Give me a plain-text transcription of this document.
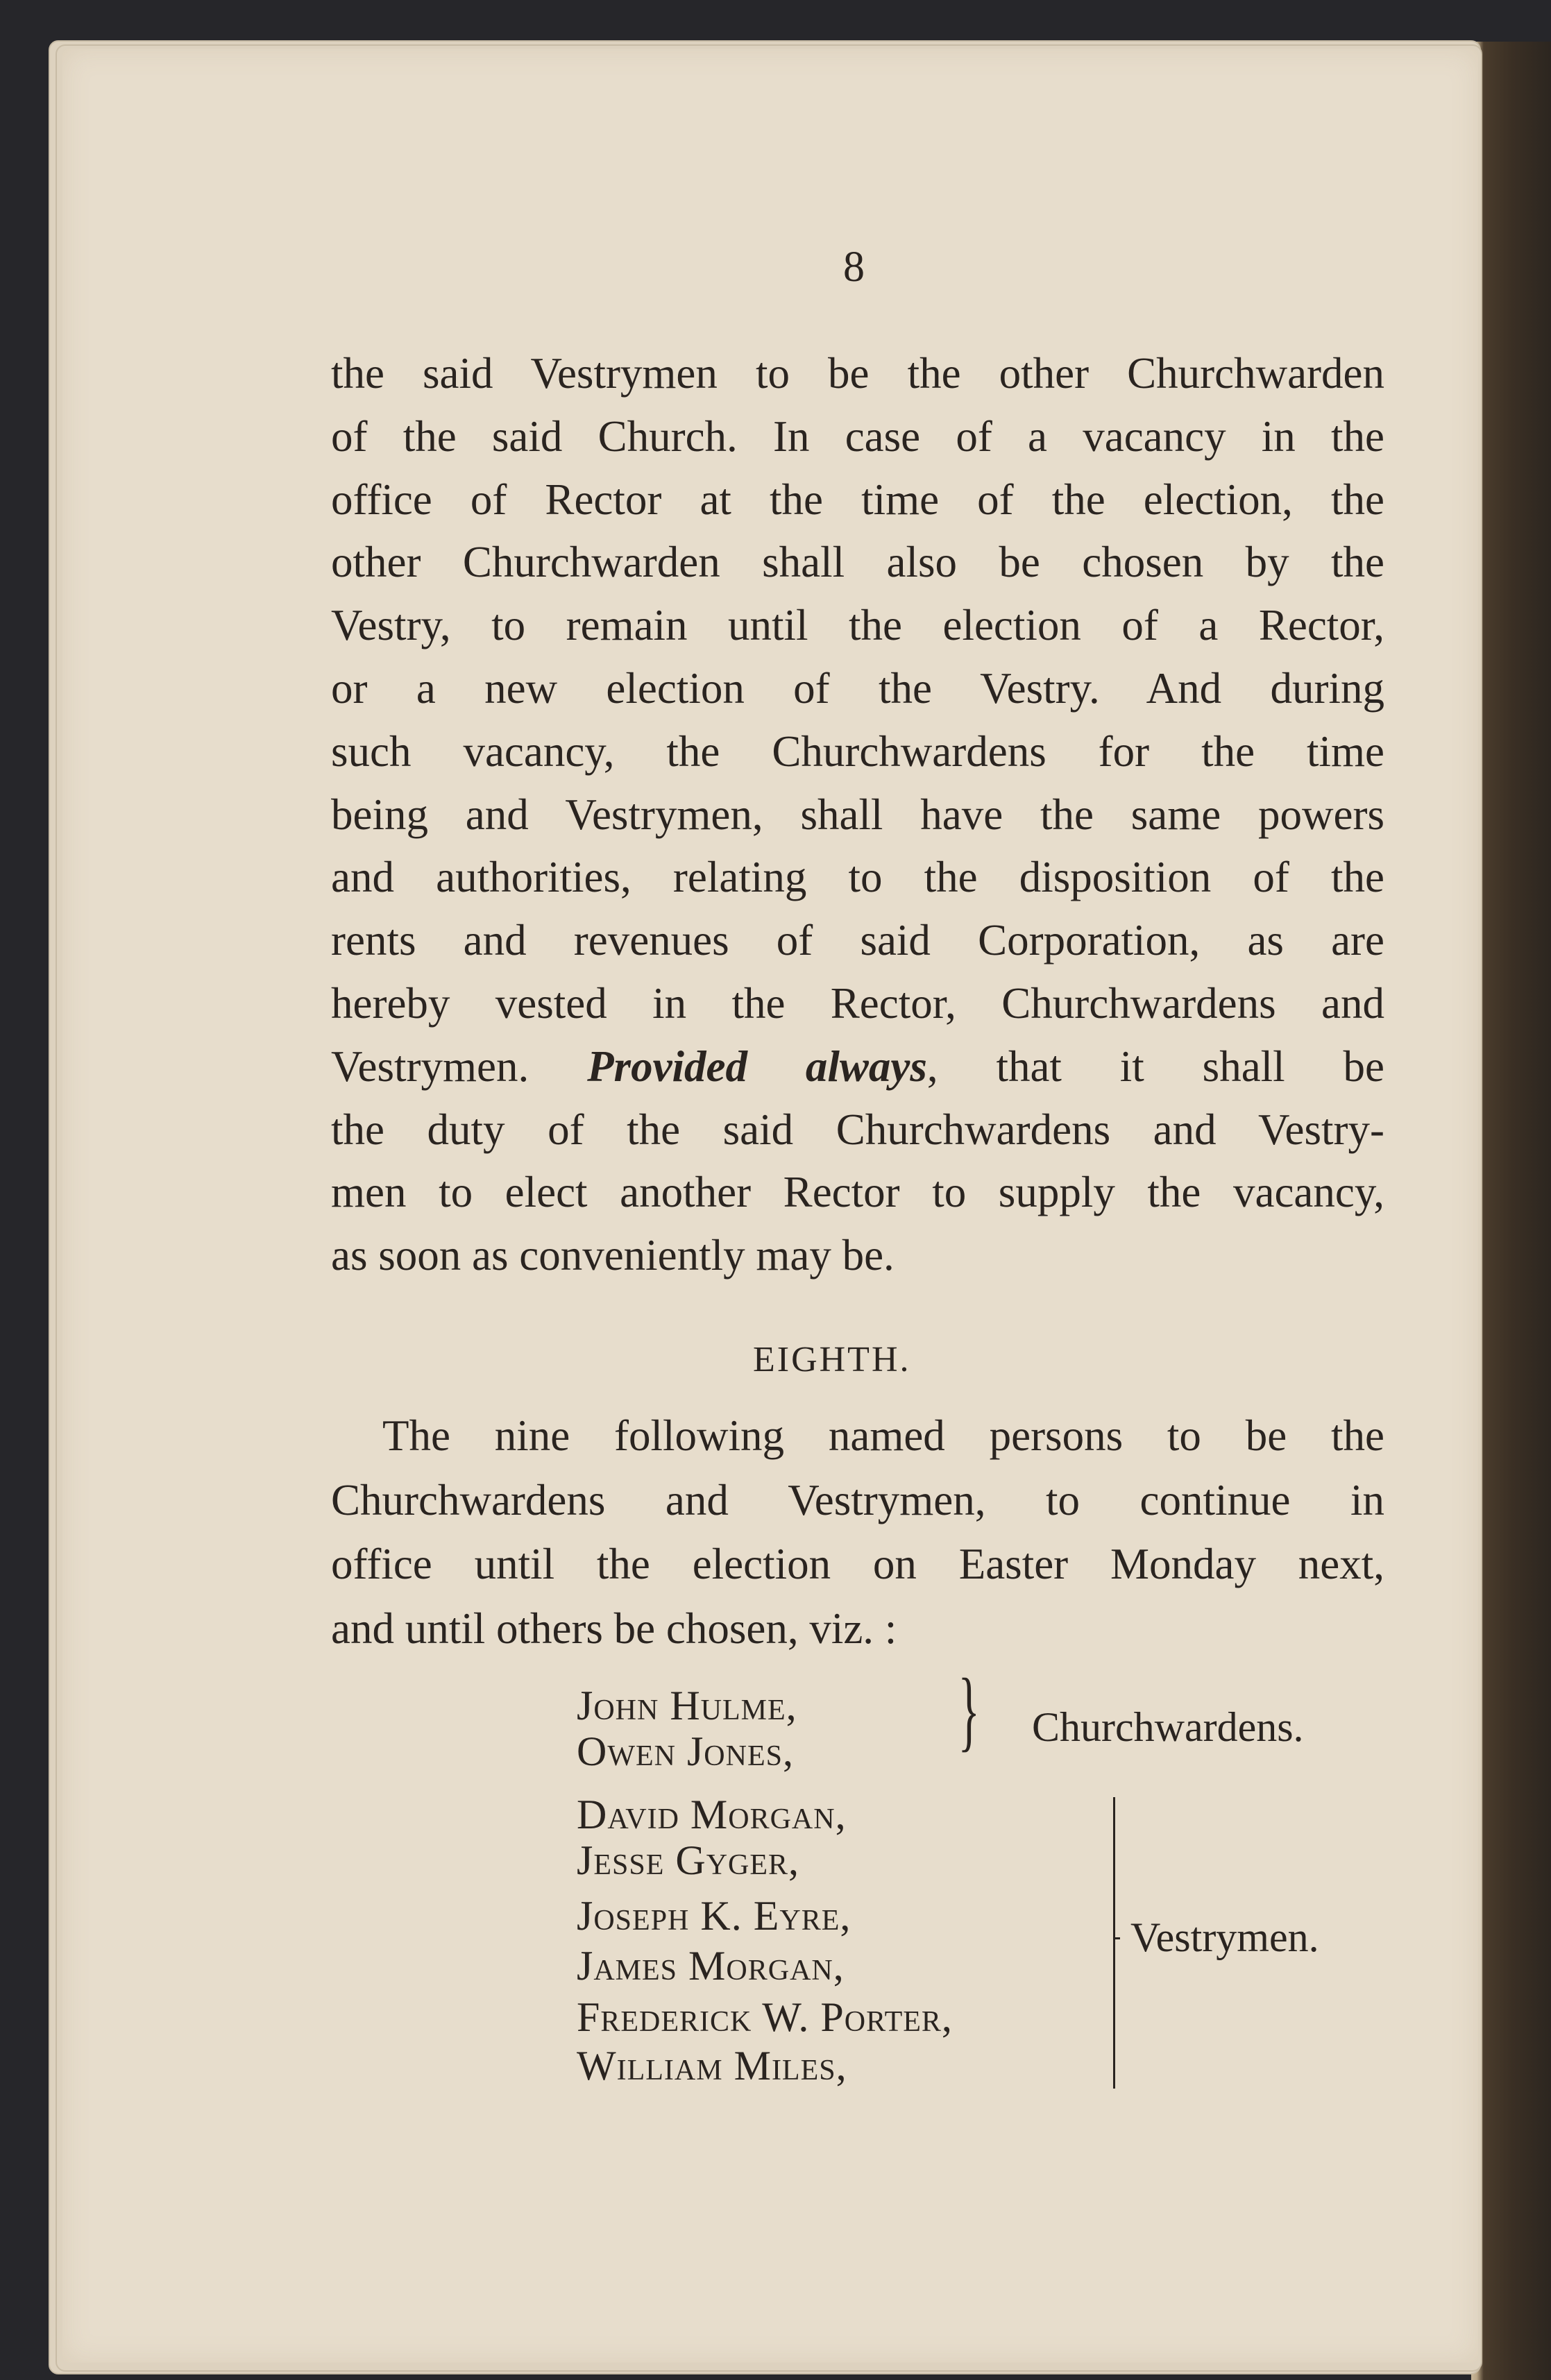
8
the said Vestrymen to be the other Churchwarden
of the said Church. In case of a vacancy in the
office of Rector at the time of the election, the
other Churchwarden shall also be chosen by the
Vestry, to remain until the election of a Rector,
or a new election of the Vestry. And during
such vacancy, the Churchwardens for the time
being and Vestrymen, shall have the same powers
and authorities, relating to the disposition of the
rents and revenues of said Corporation, as are
hereby vested in the Rector, Churchwardens and
Vestrymen. Provided always, that it shall be
the duty of the said Churchwardens and Vestry-
men to elect another Rector to supply the vacancy,
as soon as conveniently may be.
EIGHTH.
The nine following named persons to be the
Churchwardens and Vestrymen, to continue in
office until the election on Easter Monday next,
and until others be chosen, viz. :
John Hulme,
Owen Jones, } Churchwardens.
David Morgan,
Jesse Gyger,
Joseph K. Eyre,
James Morgan,
Frederick W. Porter,
William Miles,
Vestrymen.
